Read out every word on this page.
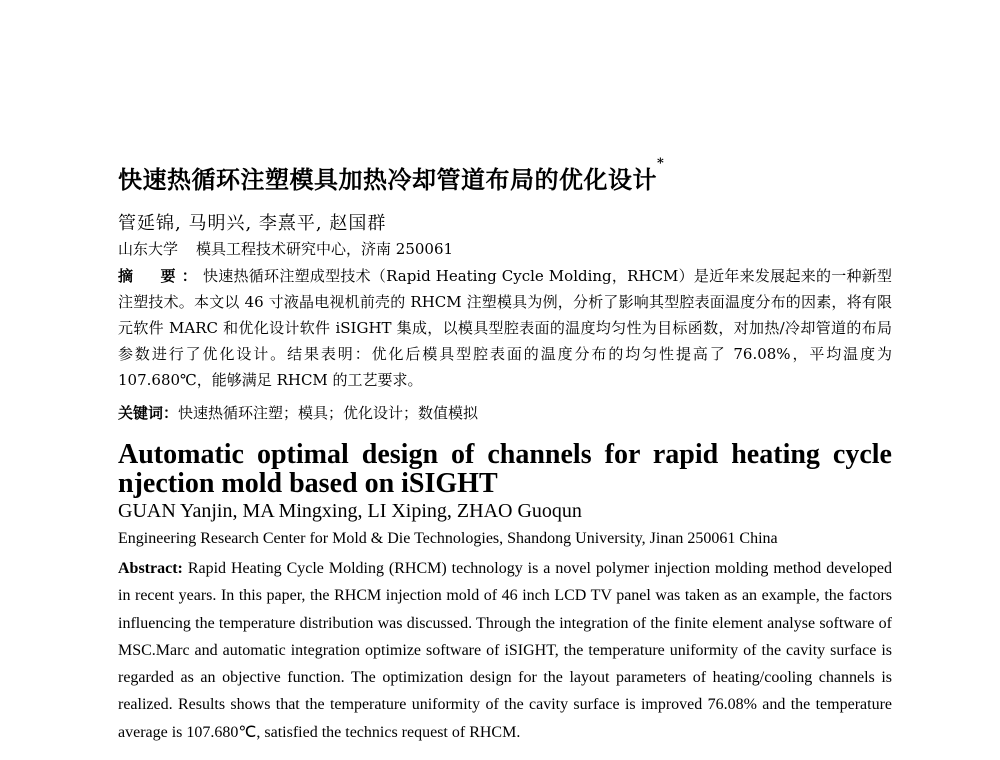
快速热循环注塑模具加热冷却管道布局的优化设计*
管延锦, 马明兴, 李熹平, 赵国群
山东大学 模具工程技术研究中心，济南 250061
摘　要：快速热循环注塑成型技术（Rapid Heating Cycle Molding，RHCM）是近年来发展起来的一种新型注塑技术。本文以 46 寸液晶电视机前壳的 RHCM 注塑模具为例，分析了影响其型腔表面温度分布的因素，将有限元软件 MARC 和优化设计软件 iSIGHT 集成，以模具型腔表面的温度均匀性为目标函数，对加热/冷却管道的布局参数进行了优化设计。结果表明：优化后模具型腔表面的温度分布的均匀性提高了 76.08%，平均温度为 107.680℃，能够满足 RHCM 的工艺要求。
关键词：快速热循环注塑；模具；优化设计；数值模拟
Automatic optimal design of channels for rapid heating cycle njection mold based on iSIGHT
GUAN Yanjin, MA Mingxing, LI Xiping, ZHAO Guoqun
Engineering Research Center for Mold & Die Technologies, Shandong University, Jinan 250061 China
Abstract: Rapid Heating Cycle Molding (RHCM) technology is a novel polymer injection molding method developed in recent years. In this paper, the RHCM injection mold of 46 inch LCD TV panel was taken as an example, the factors influencing the temperature distribution was discussed. Through the integration of the finite element analyse software of MSC.Marc and automatic integration optimize software of iSIGHT, the temperature uniformity of the cavity surface is regarded as an objective function. The optimization design for the layout parameters of heating/cooling channels is realized. Results shows that the temperature uniformity of the cavity surface is improved 76.08% and the temperature average is 107.680℃, satisfied the technics request of RHCM.
